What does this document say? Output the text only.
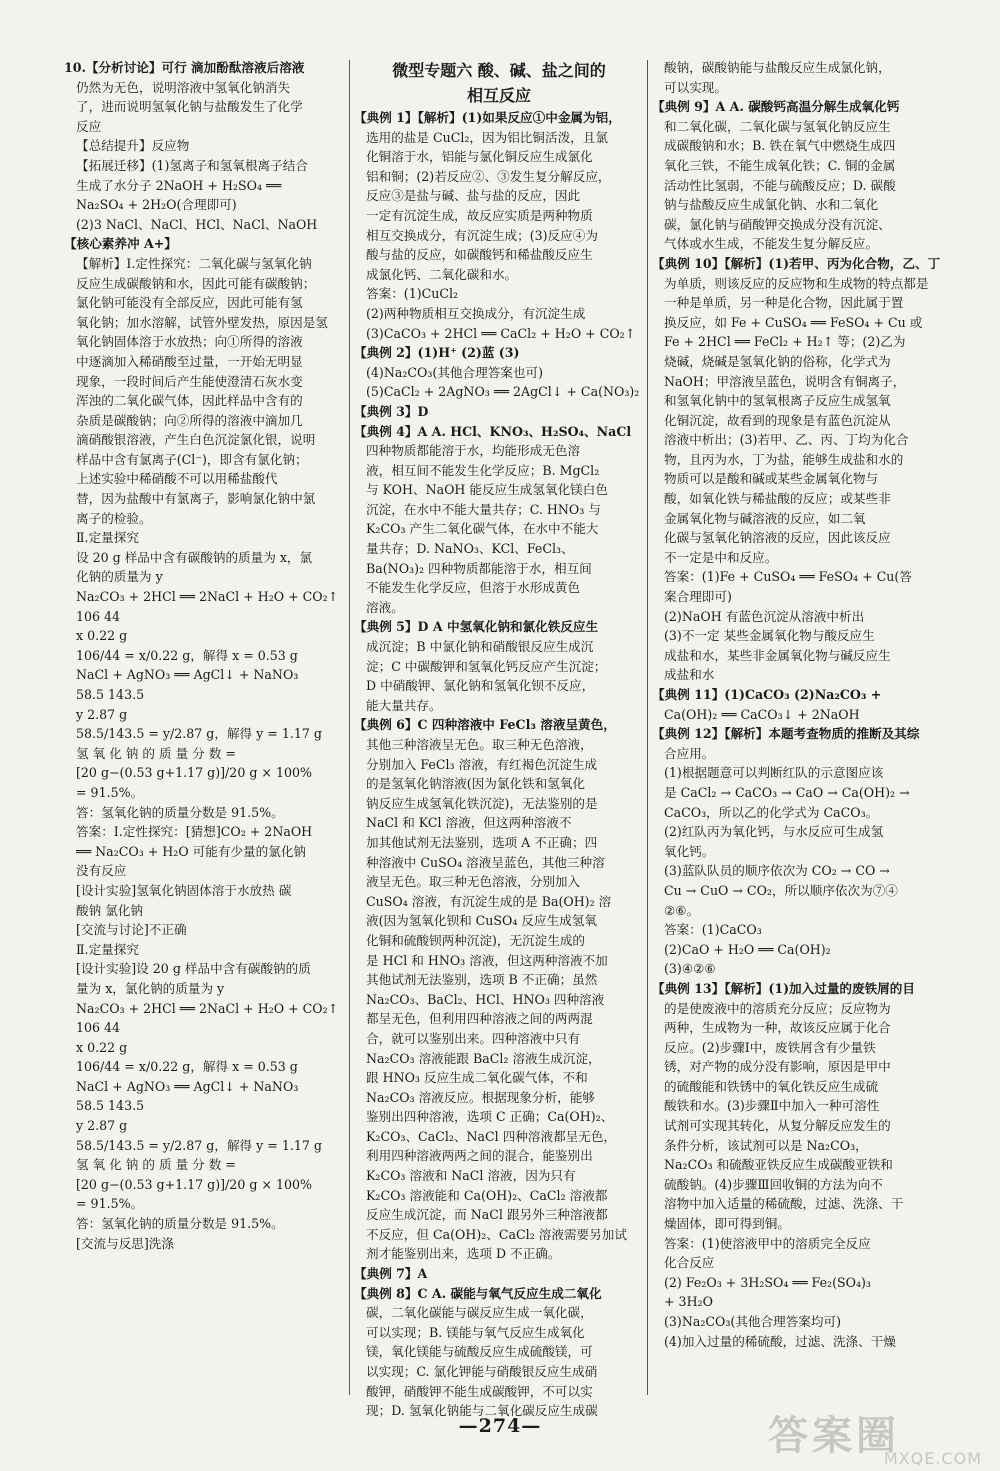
10.【分析讨论】可行 滴加酚酞溶液后溶液
仍然为无色，说明溶液中氢氧化钠消失
了，进而说明氢氧化钠与盐酸发生了化学
反应
【总结提升】反应物
【拓展迁移】(1)氢离子和氢氧根离子结合
生成了水分子 2NaOH + H₂SO₄ ══
Na₂SO₄ + 2H₂O(合理即可)
(2)3 NaCl、NaCl、HCl、NaCl、NaOH
【核心素养冲 A+】
【解析】Ⅰ.定性探究：二氧化碳与氢氧化钠
反应生成碳酸钠和水，因此可能有碳酸钠；
氯化钠可能没有全部反应，因此可能有氢
氧化钠；加水溶解，试管外壁发热，原因是氢
氧化钠固体溶于水放热；向①所得的溶液
中逐滴加入稀硝酸至过量，一开始无明显
现象，一段时间后产生能使澄清石灰水变
浑浊的二氧化碳气体，因此样品中含有的
杂质是碳酸钠；向②所得的溶液中滴加几
滴硝酸银溶液，产生白色沉淀氯化银，说明
样品中含有氯离子(Cl⁻)，即含有氯化钠；
上述实验中稀硝酸不可以用稀盐酸代
替，因为盐酸中有氯离子，影响氯化钠中氯
离子的检验。
Ⅱ.定量探究
设 20 g 样品中含有碳酸钠的质量为 x，氯
化钠的质量为 y
Na₂CO₃ + 2HCl ══ 2NaCl + H₂O + CO₂↑
106 44
x 0.22 g
106/44 = x/0.22 g，解得 x = 0.53 g
NaCl + AgNO₃ ══ AgCl↓ + NaNO₃
58.5 143.5
y 2.87 g
58.5/143.5 = y/2.87 g，解得 y = 1.17 g
氢 氧 化 钠 的 质 量 分 数 =
[20 g−(0.53 g+1.17 g)]/20 g × 100%
= 91.5%。
答：氢氧化钠的质量分数是 91.5%。
答案：Ⅰ.定性探究：[猜想]CO₂ + 2NaOH
══ Na₂CO₃ + H₂O 可能有少量的氯化钠
没有反应
[设计实验]氢氧化钠固体溶于水放热 碳
酸钠 氯化钠
[交流与讨论]不正确
Ⅱ.定量探究
[设计实验]设 20 g 样品中含有碳酸钠的质
量为 x，氯化钠的质量为 y
Na₂CO₃ + 2HCl ══ 2NaCl + H₂O + CO₂↑
106 44
x 0.22 g
106/44 = x/0.22 g，解得 x = 0.53 g
NaCl + AgNO₃ ══ AgCl↓ + NaNO₃
58.5 143.5
y 2.87 g
58.5/143.5 = y/2.87 g，解得 y = 1.17 g
氢 氧 化 钠 的 质 量 分 数 =
[20 g−(0.53 g+1.17 g)]/20 g × 100%
= 91.5%。
答：氢氧化钠的质量分数是 91.5%。
[交流与反思]洗涤
微型专题六 酸、碱、盐之间的
相互反应
【典例 1】【解析】(1)如果反应①中金属为铝，
选用的盐是 CuCl₂，因为铝比铜活泼，且氯
化铜溶于水，铝能与氯化铜反应生成氯化
铝和铜；(2)若反应②、③发生复分解反应，
反应③是盐与碱、盐与盐的反应，因此
一定有沉淀生成，故反应实质是两种物质
相互交换成分，有沉淀生成；(3)反应④为
酸与盐的反应，如碳酸钙和稀盐酸反应生
成氯化钙、二氧化碳和水。
答案：(1)CuCl₂
(2)两种物质相互交换成分，有沉淀生成
(3)CaCO₃ + 2HCl ══ CaCl₂ + H₂O + CO₂↑
【典例 2】(1)H⁺ (2)蓝 (3)
(4)Na₂CO₃(其他合理答案也可)
(5)CaCl₂ + 2AgNO₃ ══ 2AgCl↓ + Ca(NO₃)₂
【典例 3】D
【典例 4】A A. HCl、KNO₃、H₂SO₄、NaCl
四种物质都能溶于水，均能形成无色溶
液，相互间不能发生化学反应；B. MgCl₂
与 KOH、NaOH 能反应生成氢氧化镁白色
沉淀，在水中不能大量共存；C. HNO₃ 与
K₂CO₃ 产生二氧化碳气体，在水中不能大
量共存；D. NaNO₃、KCl、FeCl₃、
Ba(NO₃)₂ 四种物质都能溶于水，相互间
不能发生化学反应，但溶于水形成黄色
溶液。
【典例 5】D A 中氢氧化钠和氯化铁反应生
成沉淀；B 中氯化钠和硝酸银反应生成沉
淀；C 中碳酸钾和氢氧化钙反应产生沉淀；
D 中硝酸钾、氯化钠和氢氧化钡不反应，
能大量共存。
【典例 6】C 四种溶液中 FeCl₃ 溶液呈黄色，
其他三种溶液呈无色。取三种无色溶液，
分别加入 FeCl₃ 溶液，有红褐色沉淀生成
的是氢氧化钠溶液(因为氯化铁和氢氧化
钠反应生成氢氧化铁沉淀)，无法鉴别的是
NaCl 和 KCl 溶液，但这两种溶液不
加其他试剂无法鉴别，选项 A 不正确；四
种溶液中 CuSO₄ 溶液呈蓝色，其他三种溶
液呈无色。取三种无色溶液，分别加入
CuSO₄ 溶液，有沉淀生成的是 Ba(OH)₂ 溶
液(因为氢氧化钡和 CuSO₄ 反应生成氢氧
化铜和硫酸钡两种沉淀)，无沉淀生成的
是 HCl 和 HNO₃ 溶液，但这两种溶液不加
其他试剂无法鉴别，选项 B 不正确；虽然
Na₂CO₃、BaCl₂、HCl、HNO₃ 四种溶液
都呈无色，但利用四种溶液之间的两两混
合，就可以鉴别出来。四种溶液中只有
Na₂CO₃ 溶液能跟 BaCl₂ 溶液生成沉淀，
跟 HNO₃ 反应生成二氧化碳气体，不和
Na₂CO₃ 溶液反应。根据现象分析，能够
鉴别出四种溶液，选项 C 正确；Ca(OH)₂、
K₂CO₃、CaCl₂、NaCl 四种溶液都呈无色，
利用四种溶液两两之间的混合，能鉴别出
K₂CO₃ 溶液和 NaCl 溶液，因为只有
K₂CO₃ 溶液能和 Ca(OH)₂、CaCl₂ 溶液都
反应生成沉淀，而 NaCl 跟另外三种溶液都
不反应，但 Ca(OH)₂、CaCl₂ 溶液需要另加试
剂才能鉴别出来，选项 D 不正确。
【典例 7】A
【典例 8】C A. 碳能与氧气反应生成二氧化
碳，二氧化碳能与碳反应生成一氧化碳，
可以实现；B. 镁能与氧气反应生成氧化
镁，氧化镁能与硫酸反应生成硫酸镁，可
以实现；C. 氯化钾能与硝酸银反应生成硝
酸钾，硝酸钾不能生成碳酸钾，不可以实
现；D. 氢氧化钠能与二氧化碳反应生成碳
酸钠，碳酸钠能与盐酸反应生成氯化钠，
可以实现。
【典例 9】A A. 碳酸钙高温分解生成氧化钙
和二氧化碳，二氧化碳与氢氧化钠反应生
成碳酸钠和水；B. 铁在氧气中燃烧生成四
氧化三铁，不能生成氧化铁；C. 铜的金属
活动性比氢弱，不能与硫酸反应；D. 碳酸
钠与盐酸反应生成氯化钠、水和二氧化
碳，氯化钠与硝酸钾交换成分没有沉淀、
气体或水生成，不能发生复分解反应。
【典例 10】【解析】(1)若甲、丙为化合物，乙、丁
为单质，则该反应的反应物和生成物的特点都是
一种是单质，另一种是化合物，因此属于置
换反应，如 Fe + CuSO₄ ══ FeSO₄ + Cu 或
Fe + 2HCl ══ FeCl₂ + H₂↑ 等；(2)乙为
烧碱，烧碱是氢氧化钠的俗称，化学式为
NaOH；甲溶液呈蓝色，说明含有铜离子，
和氢氧化钠中的氢氧根离子反应生成氢氧
化铜沉淀，故看到的现象是有蓝色沉淀从
溶液中析出；(3)若甲、乙、丙、丁均为化合
物，且丙为水，丁为盐，能够生成盐和水的
物质可以是酸和碱或某些金属氧化物与
酸，如氧化铁与稀盐酸的反应；或某些非
金属氧化物与碱溶液的反应，如二氧
化碳与氢氧化钠溶液的反应，因此该反应
不一定是中和反应。
答案：(1)Fe + CuSO₄ ══ FeSO₄ + Cu(答
案合理即可)
(2)NaOH 有蓝色沉淀从溶液中析出
(3)不一定 某些金属氧化物与酸反应生
成盐和水，某些非金属氧化物与碱反应生
成盐和水
【典例 11】(1)CaCO₃ (2)Na₂CO₃ +
Ca(OH)₂ ══ CaCO₃↓ + 2NaOH
【典例 12】【解析】本题考查物质的推断及其综
合应用。
(1)根据题意可以判断红队的示意图应该
是 CaCl₂ → CaCO₃ → CaO → Ca(OH)₂ →
CaCO₃，所以乙的化学式为 CaCO₃。
(2)红队丙为氧化钙，与水反应可生成氢
氧化钙。
(3)蓝队队员的顺序依次为 CO₂ → CO →
Cu → CuO → CO₂，所以顺序依次为⑦④
②⑥。
答案：(1)CaCO₃
(2)CaO + H₂O ══ Ca(OH)₂
(3)④②⑥
【典例 13】【解析】(1)加入过量的废铁屑的目
的是使废液中的溶质充分反应；反应物为
两种，生成物为一种，故该反应属于化合
反应。(2)步骤Ⅰ中，废铁屑含有少量铁
锈，对产物的成分没有影响，原因是甲中
的硫酸能和铁锈中的氧化铁反应生成硫
酸铁和水。(3)步骤Ⅱ中加入一种可溶性
试剂可实现其转化，从复分解反应发生的
条件分析，该试剂可以是 Na₂CO₃，
Na₂CO₃ 和硫酸亚铁反应生成碳酸亚铁和
硫酸钠。(4)步骤Ⅲ回收铜的方法为向不
溶物中加入适量的稀硫酸，过滤、洗涤、干
燥固体，即可得到铜。
答案：(1)使溶液甲中的溶质完全反应
化合反应
(2) Fe₂O₃ + 3H₂SO₄ ══ Fe₂(SO₄)₃
+ 3H₂O
(3)Na₂CO₃(其他合理答案均可)
(4)加入过量的稀硫酸，过滤、洗涤、干燥
—274—	答案圈
MXQE.COM
